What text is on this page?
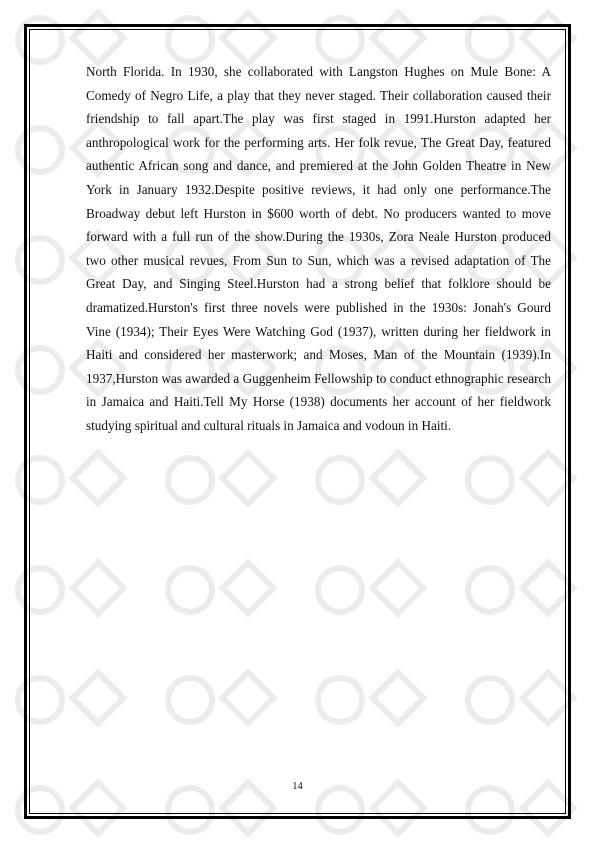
North Florida. In 1930, she collaborated with Langston Hughes on Mule Bone: A Comedy of Negro Life, a play that they never staged. Their collaboration caused their friendship to fall apart.The play was first staged in 1991.Hurston adapted her anthropological work for the performing arts. Her folk revue, The Great Day, featured authentic African song and dance, and premiered at the John Golden Theatre in New York in January 1932.Despite positive reviews, it had only one performance.The Broadway debut left Hurston in $600 worth of debt. No producers wanted to move forward with a full run of the show.During the 1930s, Zora Neale Hurston produced two other musical revues, From Sun to Sun, which was a revised adaptation of The Great Day, and Singing Steel.Hurston had a strong belief that folklore should be dramatized.Hurston's first three novels were published in the 1930s: Jonah's Gourd Vine (1934); Their Eyes Were Watching God (1937), written during her fieldwork in Haiti and considered her masterwork; and Moses, Man of the Mountain (1939).In 1937,Hurston was awarded a Guggenheim Fellowship to conduct ethnographic research in Jamaica and Haiti.Tell My Horse (1938) documents her account of her fieldwork studying spiritual and cultural rituals in Jamaica and vodoun in Haiti.

14
